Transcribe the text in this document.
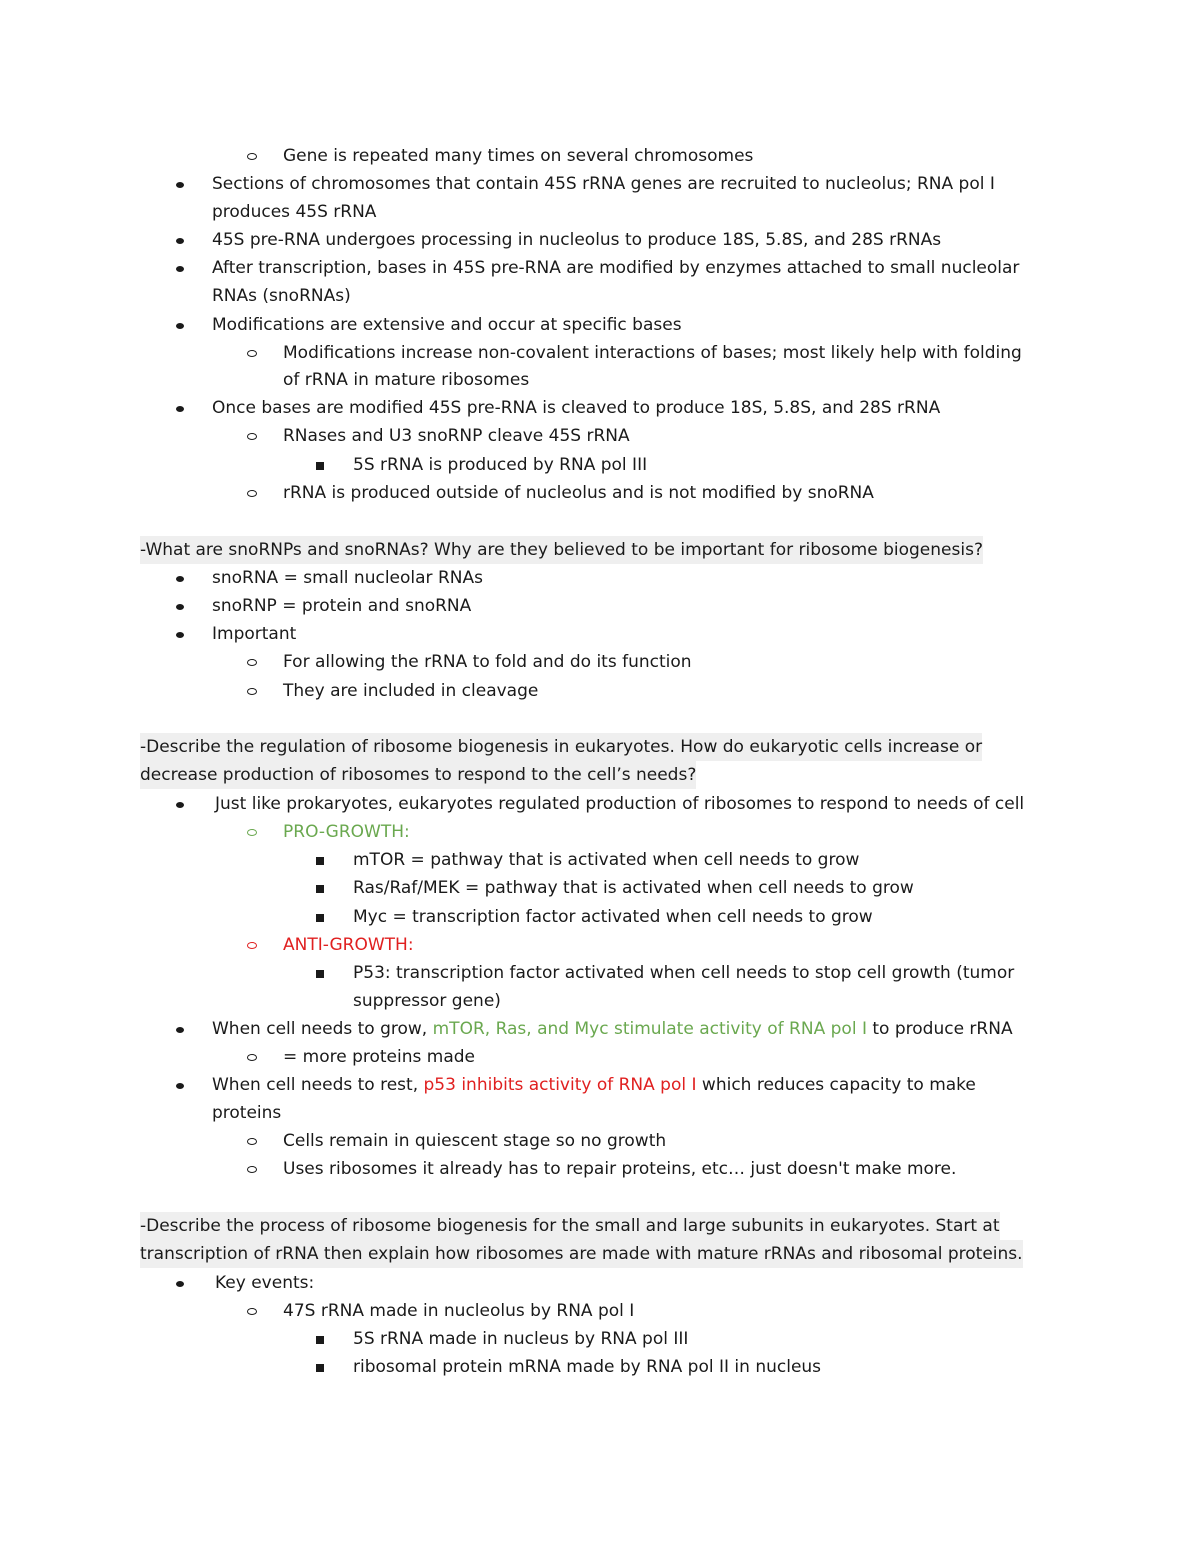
Gene is repeated many times on several chromosomes
Sections of chromosomes that contain 45S rRNA genes are recruited to nucleolus; RNA pol I
produces 45S rRNA
45S pre-RNA undergoes processing in nucleolus to produce 18S, 5.8S, and 28S rRNAs
After transcription, bases in 45S pre-RNA are modified by enzymes attached to small nucleolar
RNAs (snoRNAs)
Modifications are extensive and occur at specific bases
Modifications increase non-covalent interactions of bases; most likely help with folding
of rRNA in mature ribosomes
Once bases are modified 45S pre-RNA is cleaved to produce 18S, 5.8S, and 28S rRNA
RNases and U3 snoRNP cleave 45S rRNA
5S rRNA is produced by RNA pol III
rRNA is produced outside of nucleolus and is not modified by snoRNA
-What are snoRNPs and snoRNAs? Why are they believed to be important for ribosome biogenesis?
snoRNA = small nucleolar RNAs
snoRNP = protein and snoRNA
Important
For allowing the rRNA to fold and do its function
They are included in cleavage
-Describe the regulation of ribosome biogenesis in eukaryotes. How do eukaryotic cells increase or
decrease production of ribosomes to respond to the cell’s needs?
Just like prokaryotes, eukaryotes regulated production of ribosomes to respond to needs of cell
PRO-GROWTH:
mTOR = pathway that is activated when cell needs to grow
Ras/Raf/MEK = pathway that is activated when cell needs to grow
Myc = transcription factor activated when cell needs to grow
ANTI-GROWTH:
P53: transcription factor activated when cell needs to stop cell growth (tumor
suppressor gene)
When cell needs to grow, mTOR, Ras, and Myc stimulate activity of RNA pol I to produce rRNA
= more proteins made
When cell needs to rest, p53 inhibits activity of RNA pol I which reduces capacity to make
proteins
Cells remain in quiescent stage so no growth
Uses ribosomes it already has to repair proteins, etc… just doesn't make more.
-Describe the process of ribosome biogenesis for the small and large subunits in eukaryotes. Start at
transcription of rRNA then explain how ribosomes are made with mature rRNAs and ribosomal proteins.
Key events:
47S rRNA made in nucleolus by RNA pol I
5S rRNA made in nucleus by RNA pol III
ribosomal protein mRNA made by RNA pol II in nucleus
